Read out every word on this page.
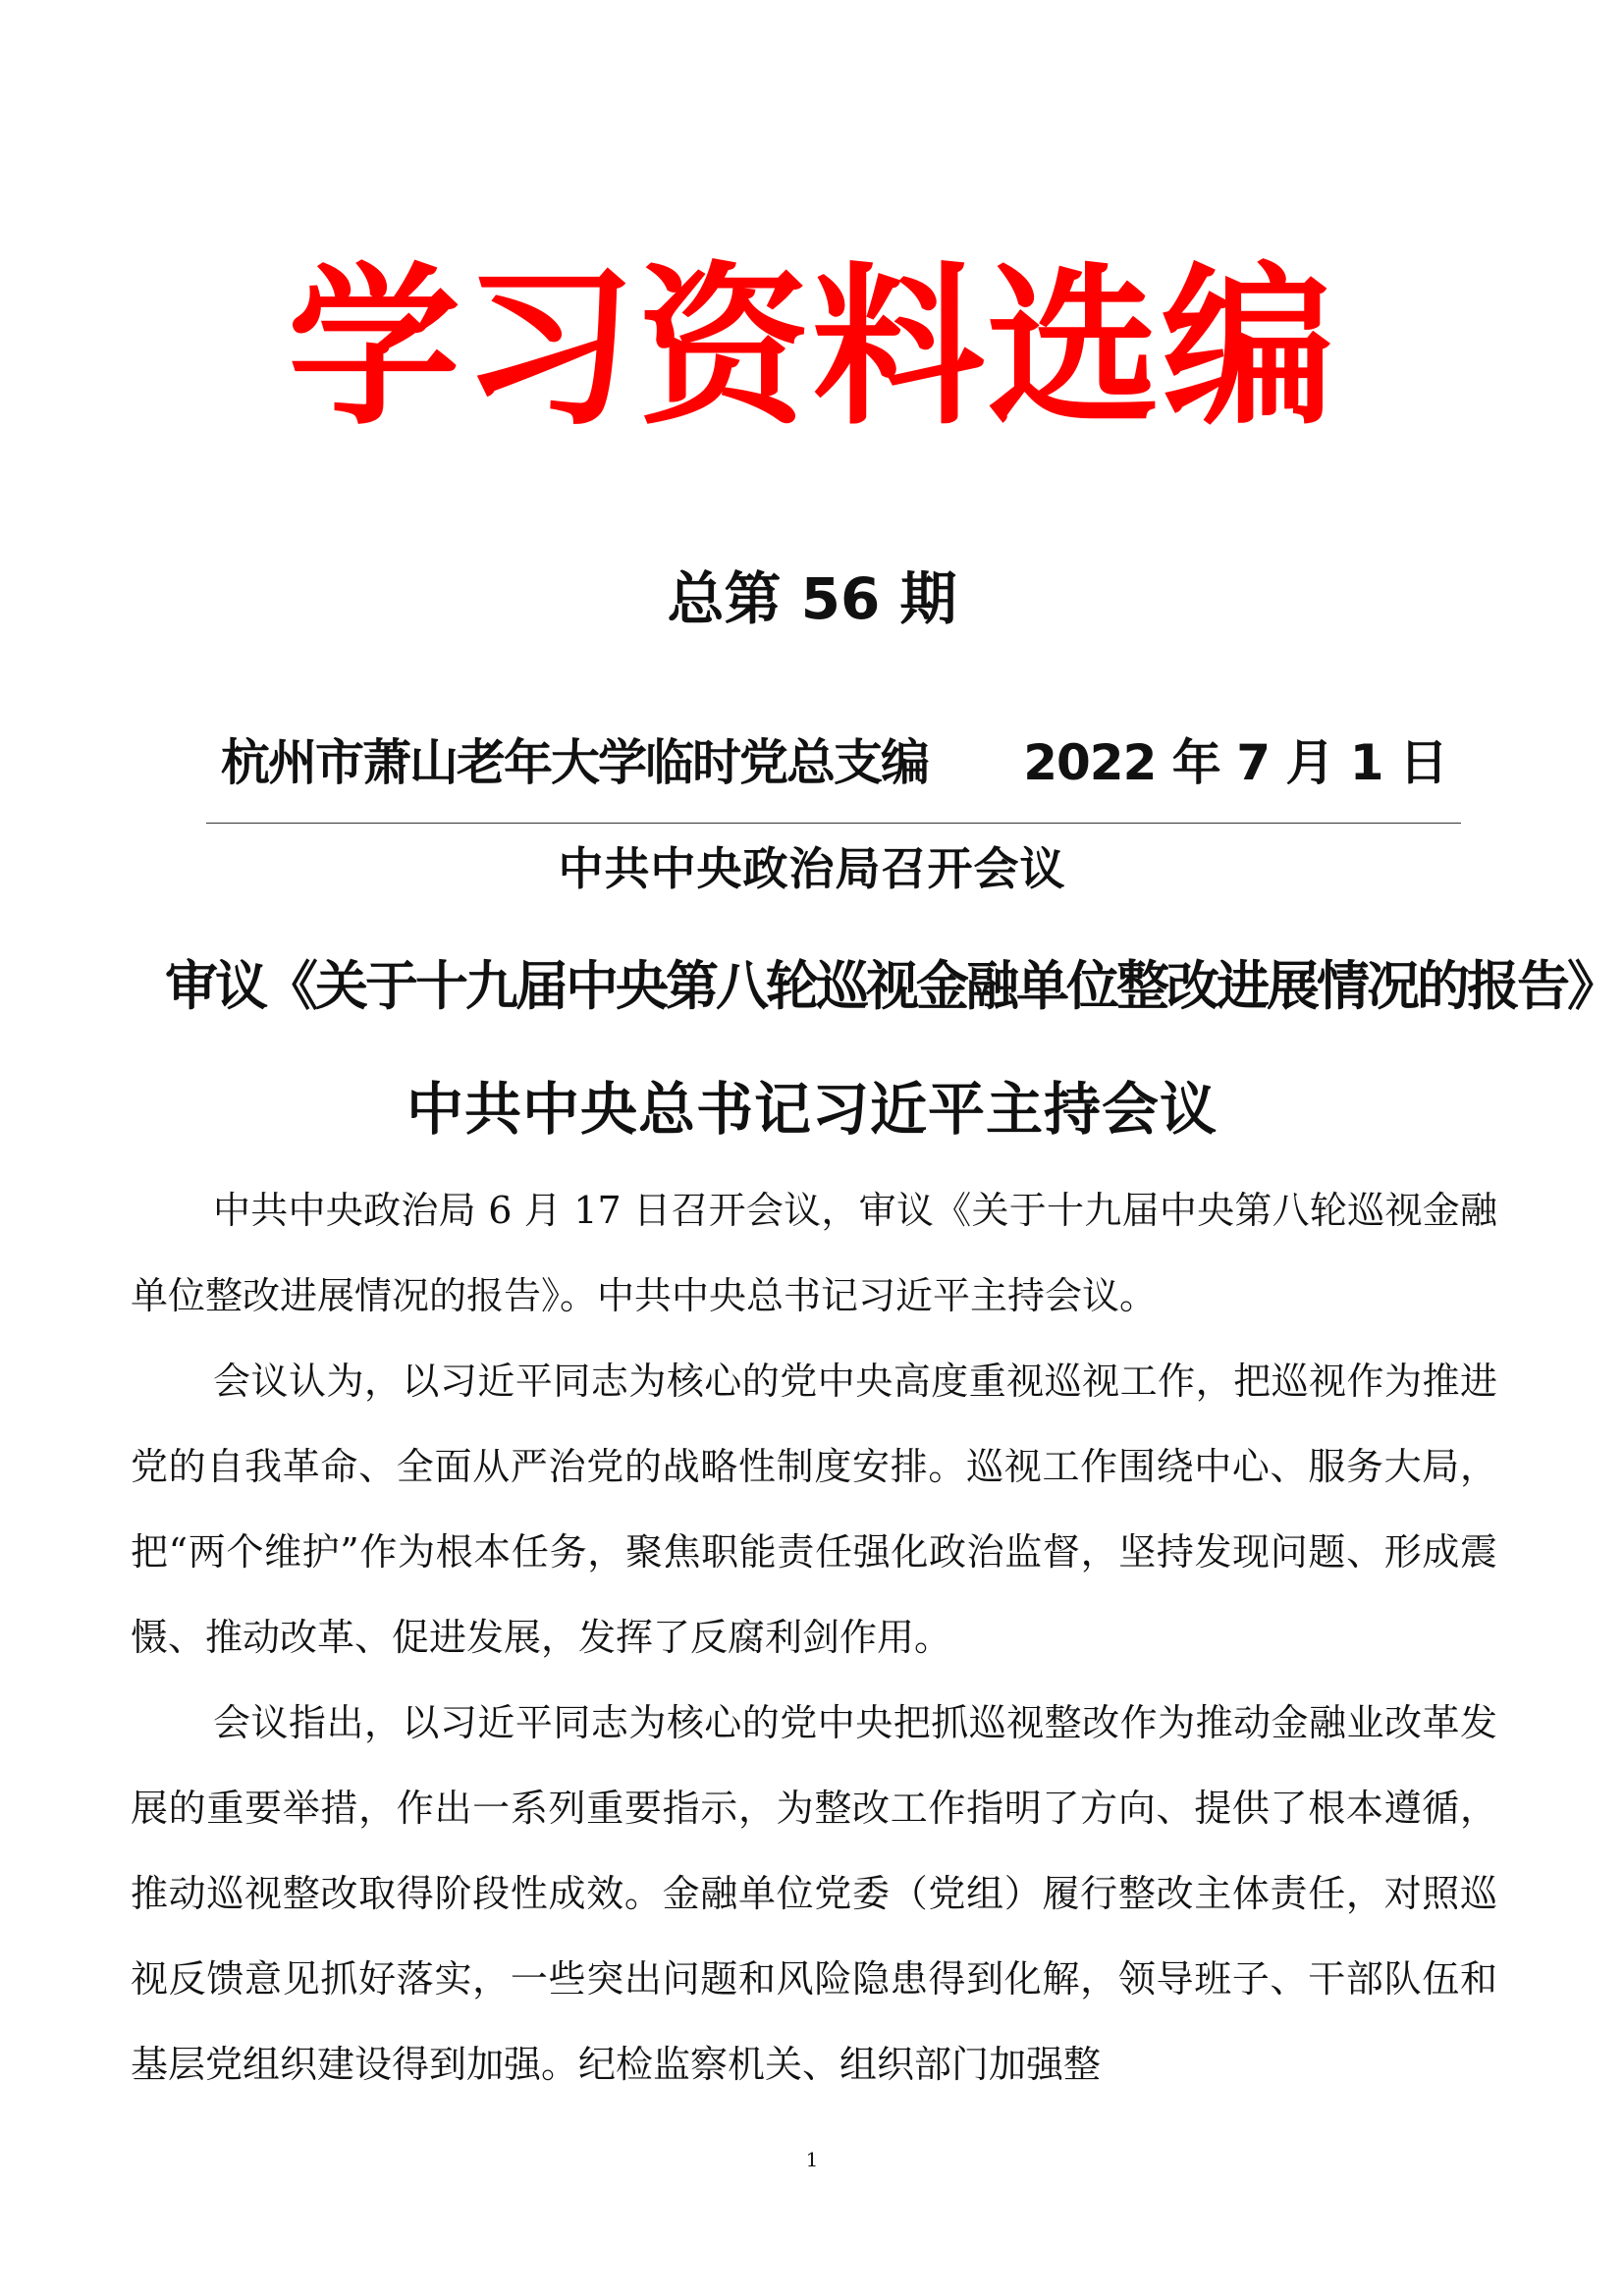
学习资料选编
总第 56 期
杭州市萧山老年大学临时党总支编 2022 年 7 月 1 日
中共中央政治局召开会议
审议《关于十九届中央第八轮巡视金融单位整改进展情况的报告》
中共中央总书记习近平主持会议

中共中央政治局 6 月 17 日召开会议，审议《关于十九届中央第八轮巡视金融单位整改进展情况的报告》。中共中央总书记习近平主持会议。

会议认为，以习近平同志为核心的党中央高度重视巡视工作，把巡视作为推进党的自我革命、全面从严治党的战略性制度安排。巡视工作围绕中心、服务大局，把“两个维护”作为根本任务，聚焦职能责任强化政治监督，坚持发现问题、形成震慑、推动改革、促进发展，发挥了反腐利剑作用。

会议指出，以习近平同志为核心的党中央把抓巡视整改作为推动金融业改革发展的重要举措，作出一系列重要指示，为整改工作指明了方向、提供了根本遵循，推动巡视整改取得阶段性成效。金融单位党委（党组）履行整改主体责任，对照巡视反馈意见抓好落实，一些突出问题和风险隐患得到化解，领导班子、干部队伍和基层党组织建设得到加强。纪检监察机关、组织部门加强整

1
